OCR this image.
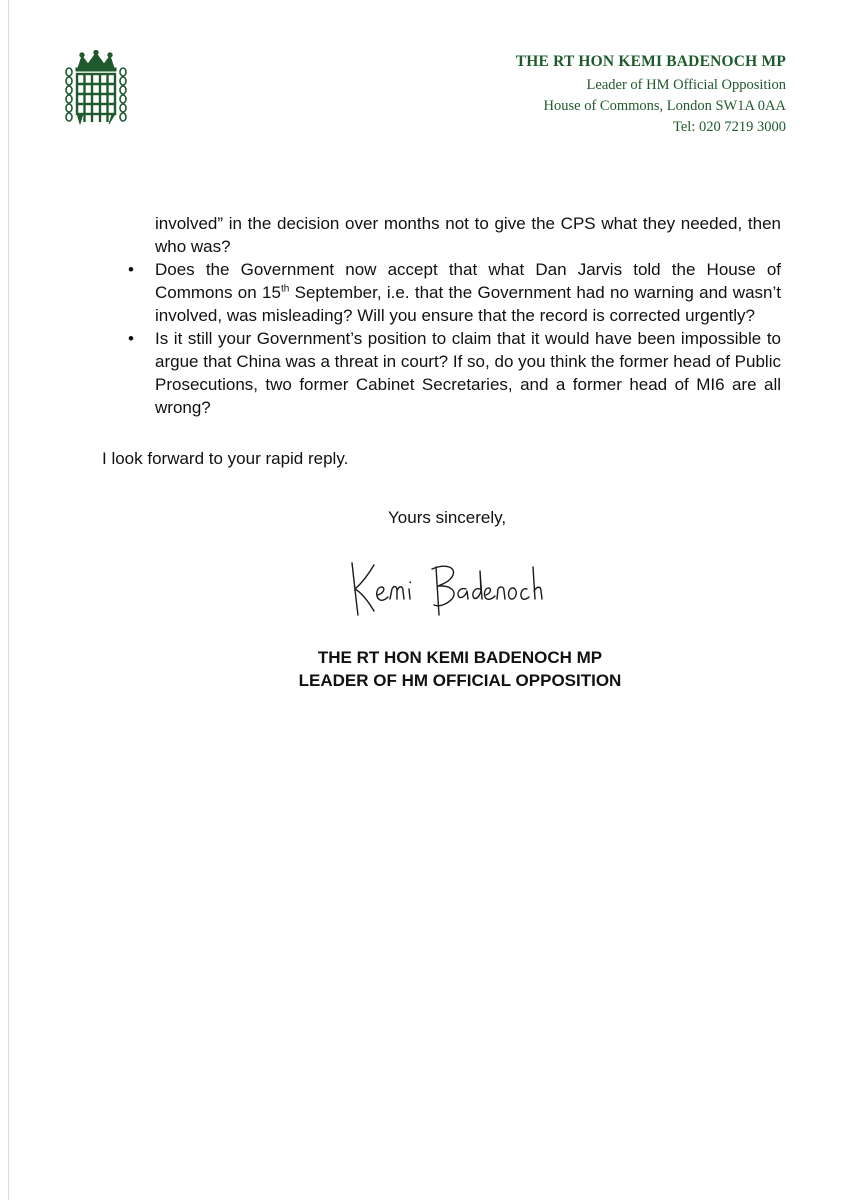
THE RT HON KEMI BADENOCH MP
Leader of HM Official Opposition
House of Commons, London SW1A 0AA
Tel: 020 7219 3000
involved” in the decision over months not to give the CPS what they needed, then who was?
• Does the Government now accept that what Dan Jarvis told the House of Commons on 15th September, i.e. that the Government had no warning and wasn’t involved, was misleading? Will you ensure that the record is corrected urgently?
• Is it still your Government’s position to claim that it would have been impossible to argue that China was a threat in court? If so, do you think the former head of Public Prosecutions, two former Cabinet Secretaries, and a former head of MI6 are all wrong?
I look forward to your rapid reply.
Yours sincerely,
THE RT HON KEMI BADENOCH MP
LEADER OF HM OFFICIAL OPPOSITION
